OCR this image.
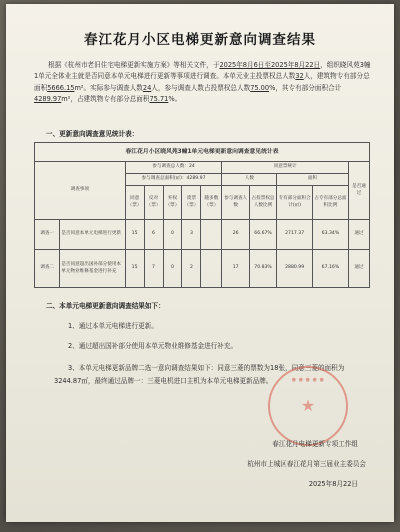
春江花月小区电梯更新意向调查结果
根据《杭州市老旧住宅电梯更新实施方案》等相关文件，于2025年8月6日至2025年8月22日，组织晓风苑3幢1单元全体业主就是否同意本单元电梯进行更新等事项进行调查。本单元业主投票权总人数32人，建筑物专有部分总面积5666.15m²。实际参与调查人数24人，参与调查人数占投票权总人数75.00%，其专有部分面积合计4289.97m²，占建筑物专有部分总面积75.71%。
一、更新意向调查意见统计表：
春江花月小区晓风苑3幢1单元电梯更新意向调查意见统计表											
调查事项		参与调查总人数：24					同意票统计				是否通过
		参与调查总面积(㎡)：4289.97					人数		面积		
		同意（票）	反对（票）	弃权（票）	废票（票）	随多数（票）	参与调查人数	占投票权总人数比例	专有部分面积合计(㎡)	占专有部分总面积比例	
调查一	是否同意本单元电梯进行更新	15	6	0	3		26	66.67%	2717.37	63.34%	通过
调查二	是否同意超出国补部分使用本单元物业维修基金进行补充	15	7	0	2		17	70.83%	2880.99	67.16%	通过
二、本单元电梯更新意向调查结果如下：
1、通过本单元电梯进行更新。
2、通过超出国补部分使用本单元物业维修基金进行补充。
3、本单元电梯更新品牌二选一意向调查结果如下：同意三菱的票数为18张，同意三菱的面积为3244.87㎡，最终通过品牌一：三菱电机进口主机为本单元电梯更新品牌。	● ● ● ● ●
★
春江花月电梯更新专项工作组
杭州市上城区春江花月第三届业主委员会
2025年8月22日
